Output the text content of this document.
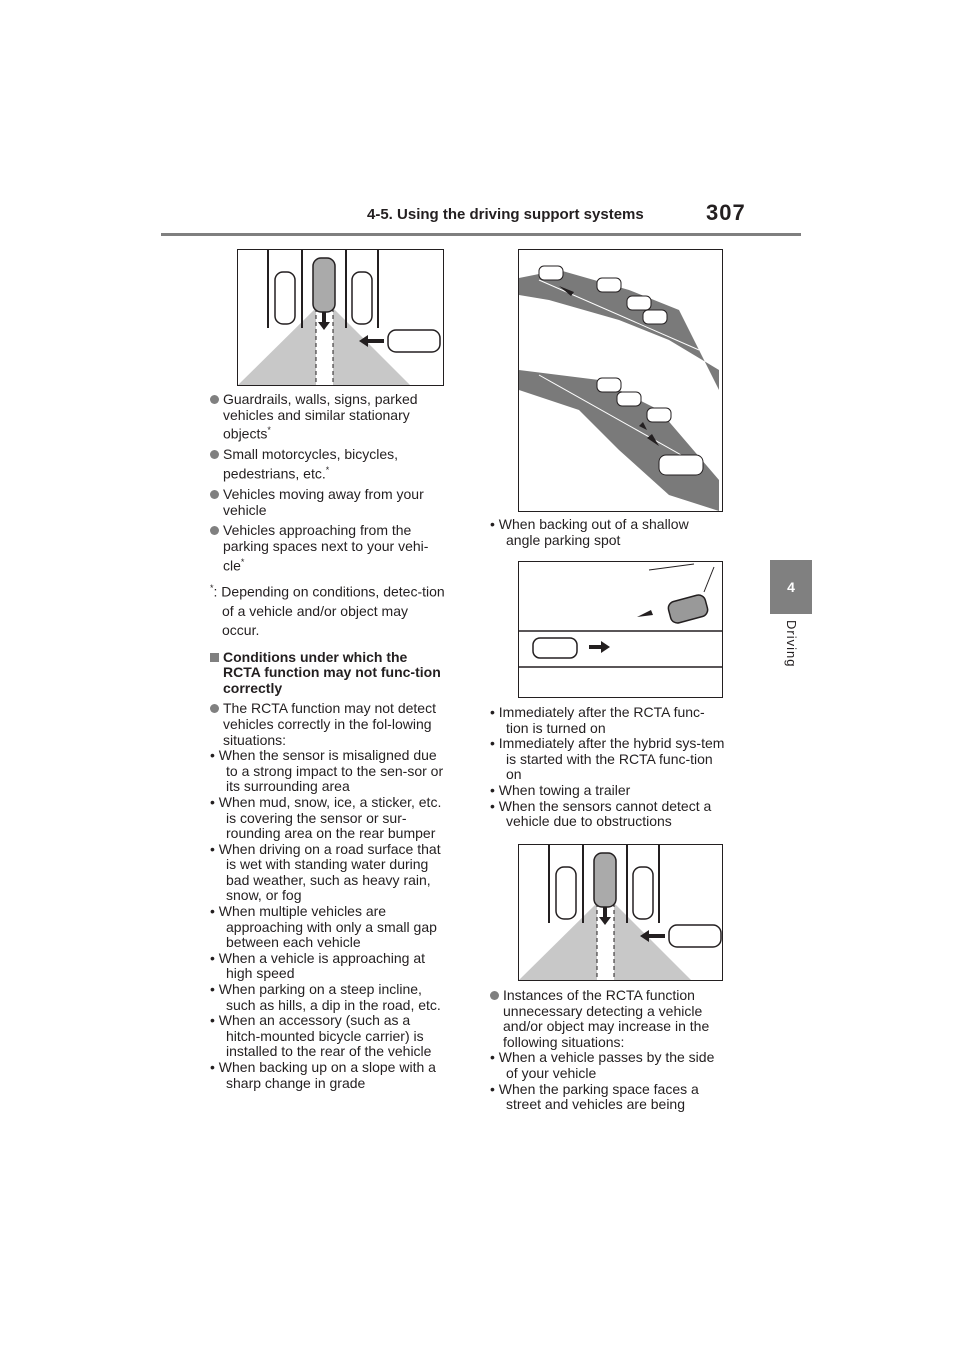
4-5. Using the driving support systems	307
4
Driving

Guardrails, walls, signs, parked vehicles and similar stationary objects*

Small motorcycles, bicycles, pedestrians, etc.*

Vehicles moving away from your vehicle

Vehicles approaching from the parking spaces next to your vehi-cle*

*: Depending on conditions, detec-tion of a vehicle and/or object may occur.

Conditions under which the RCTA function may not func-tion correctly

The RCTA function may not detect vehicles correctly in the fol-lowing situations:

• When the sensor is misaligned due to a strong impact to the sen-sor or its surrounding area

• When mud, snow, ice, a sticker, etc. is covering the sensor or sur-rounding area on the rear bumper

• When driving on a road surface that is wet with standing water during bad weather, such as heavy rain, snow, or fog

• When multiple vehicles are approaching with only a small gap between each vehicle

• When a vehicle is approaching at high speed

• When parking on a steep incline, such as hills, a dip in the road, etc.

• When an accessory (such as a hitch-mounted bicycle carrier) is installed to the rear of the vehicle

• When backing up on a slope with a sharp change in grade

• When backing out of a shallow angle parking spot

• Immediately after the RCTA func-tion is turned on

• Immediately after the hybrid sys-tem is started with the RCTA func-tion on

• When towing a trailer

• When the sensors cannot detect a vehicle due to obstructions

Instances of the RCTA function unnecessary detecting a vehicle and/or object may increase in the following situations:

• When a vehicle passes by the side of your vehicle

• When the parking space faces a street and vehicles are being
